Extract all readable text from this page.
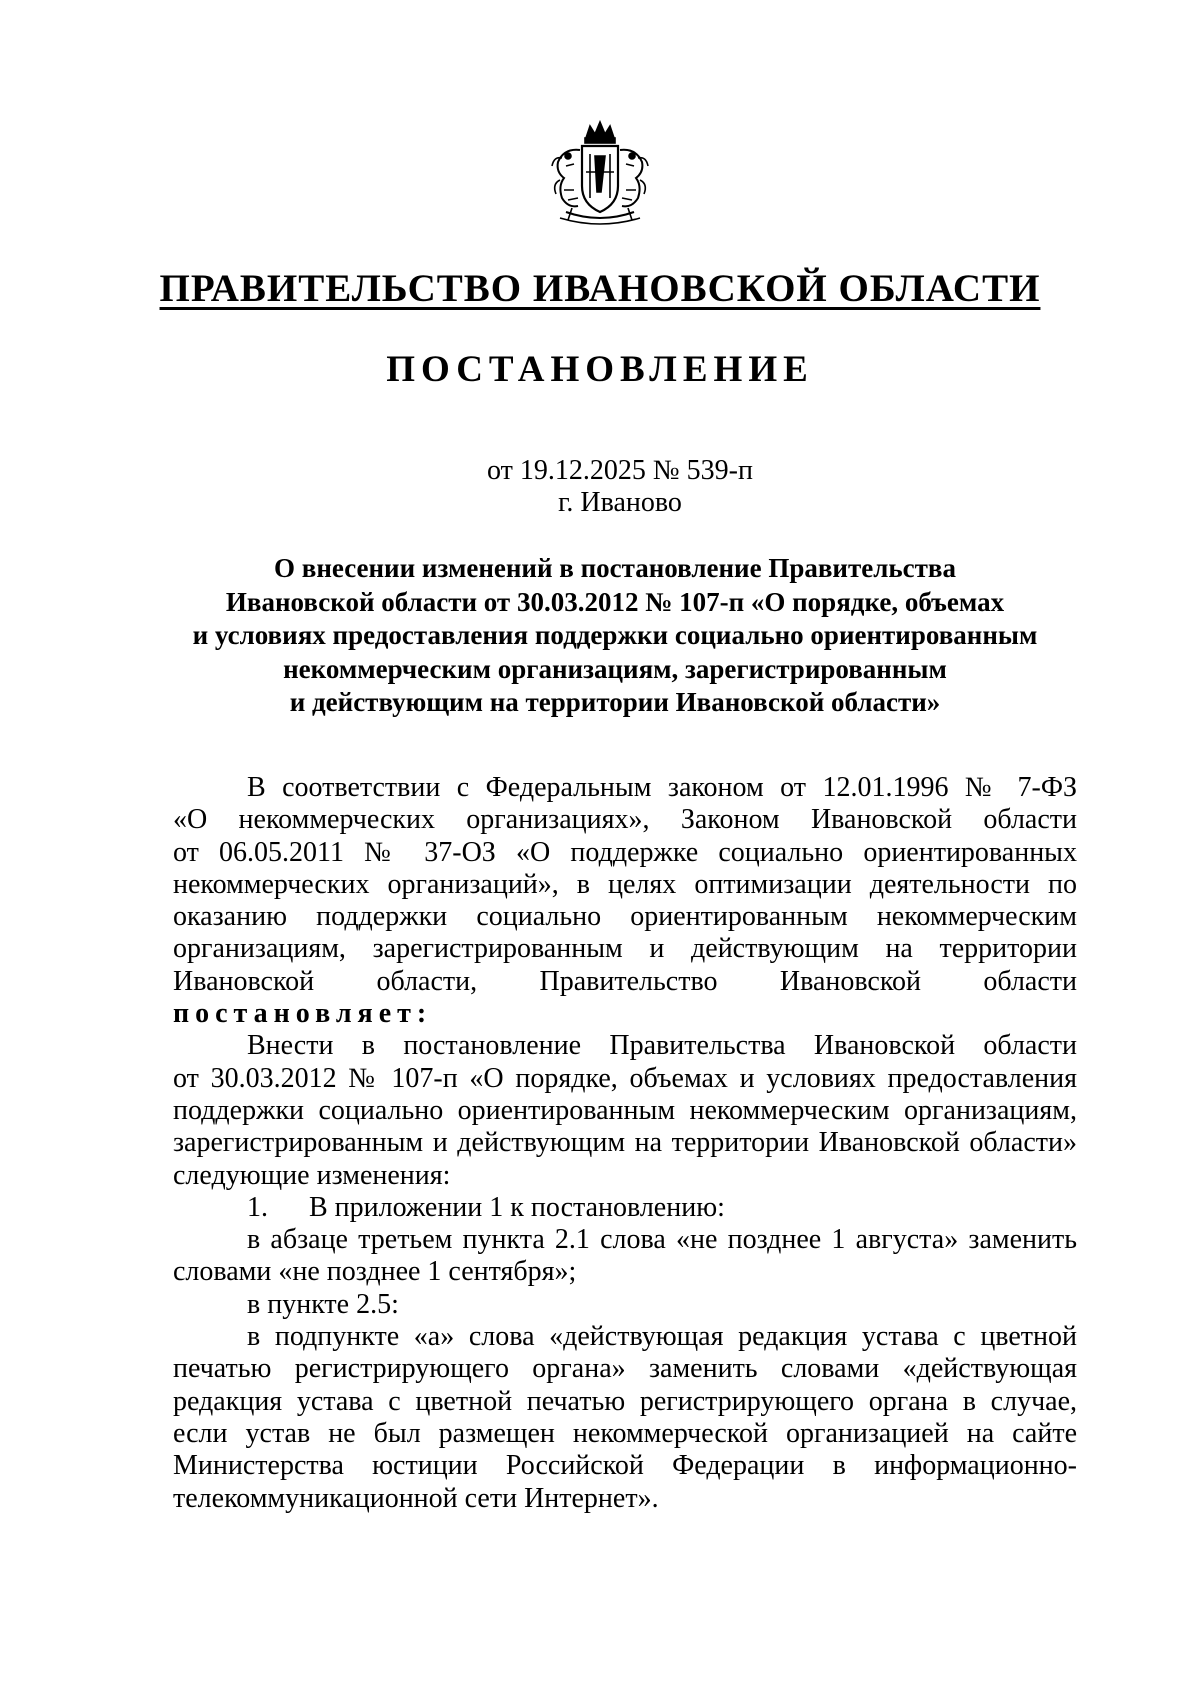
ПРАВИТЕЛЬСТВО ИВАНОВСКОЙ ОБЛАСТИ
ПОСТАНОВЛЕНИЕ
от 19.12.2025 № 539-п
г. Иваново
О внесении изменений в постановление Правительства
Ивановской области от 30.03.2012 № 107-п «О порядке, объемах
и условиях предоставления поддержки социально ориентированным
некоммерческим организациям, зарегистрированным
и действующим на территории Ивановской области»
В соответствии с Федеральным законом от 12.01.1996 № 7-ФЗ
«О некоммерческих организациях», Законом Ивановской области
от 06.05.2011 № 37-ОЗ «О поддержке социально ориентированных
некоммерческих организаций», в целях оптимизации деятельности по
оказанию поддержки социально ориентированным некоммерческим
организациям, зарегистрированным и действующим на территории
Ивановской области, Правительство Ивановской области
постановляет:
Внести в постановление Правительства Ивановской области
от 30.03.2012 № 107-п «О порядке, объемах и условиях предоставления
поддержки социально ориентированным некоммерческим организациям,
зарегистрированным и действующим на территории Ивановской области»
следующие изменения:
1. В приложении 1 к постановлению:
в абзаце третьем пункта 2.1 слова «не позднее 1 августа» заменить
словами «не позднее 1 сентября»;
в пункте 2.5:
в подпункте «а» слова «действующая редакция устава с цветной
печатью регистрирующего органа» заменить словами «действующая
редакция устава с цветной печатью регистрирующего органа в случае,
если устав не был размещен некоммерческой организацией на сайте
Министерства юстиции Российской Федерации в информационно-
телекоммуникационной сети Интернет».
